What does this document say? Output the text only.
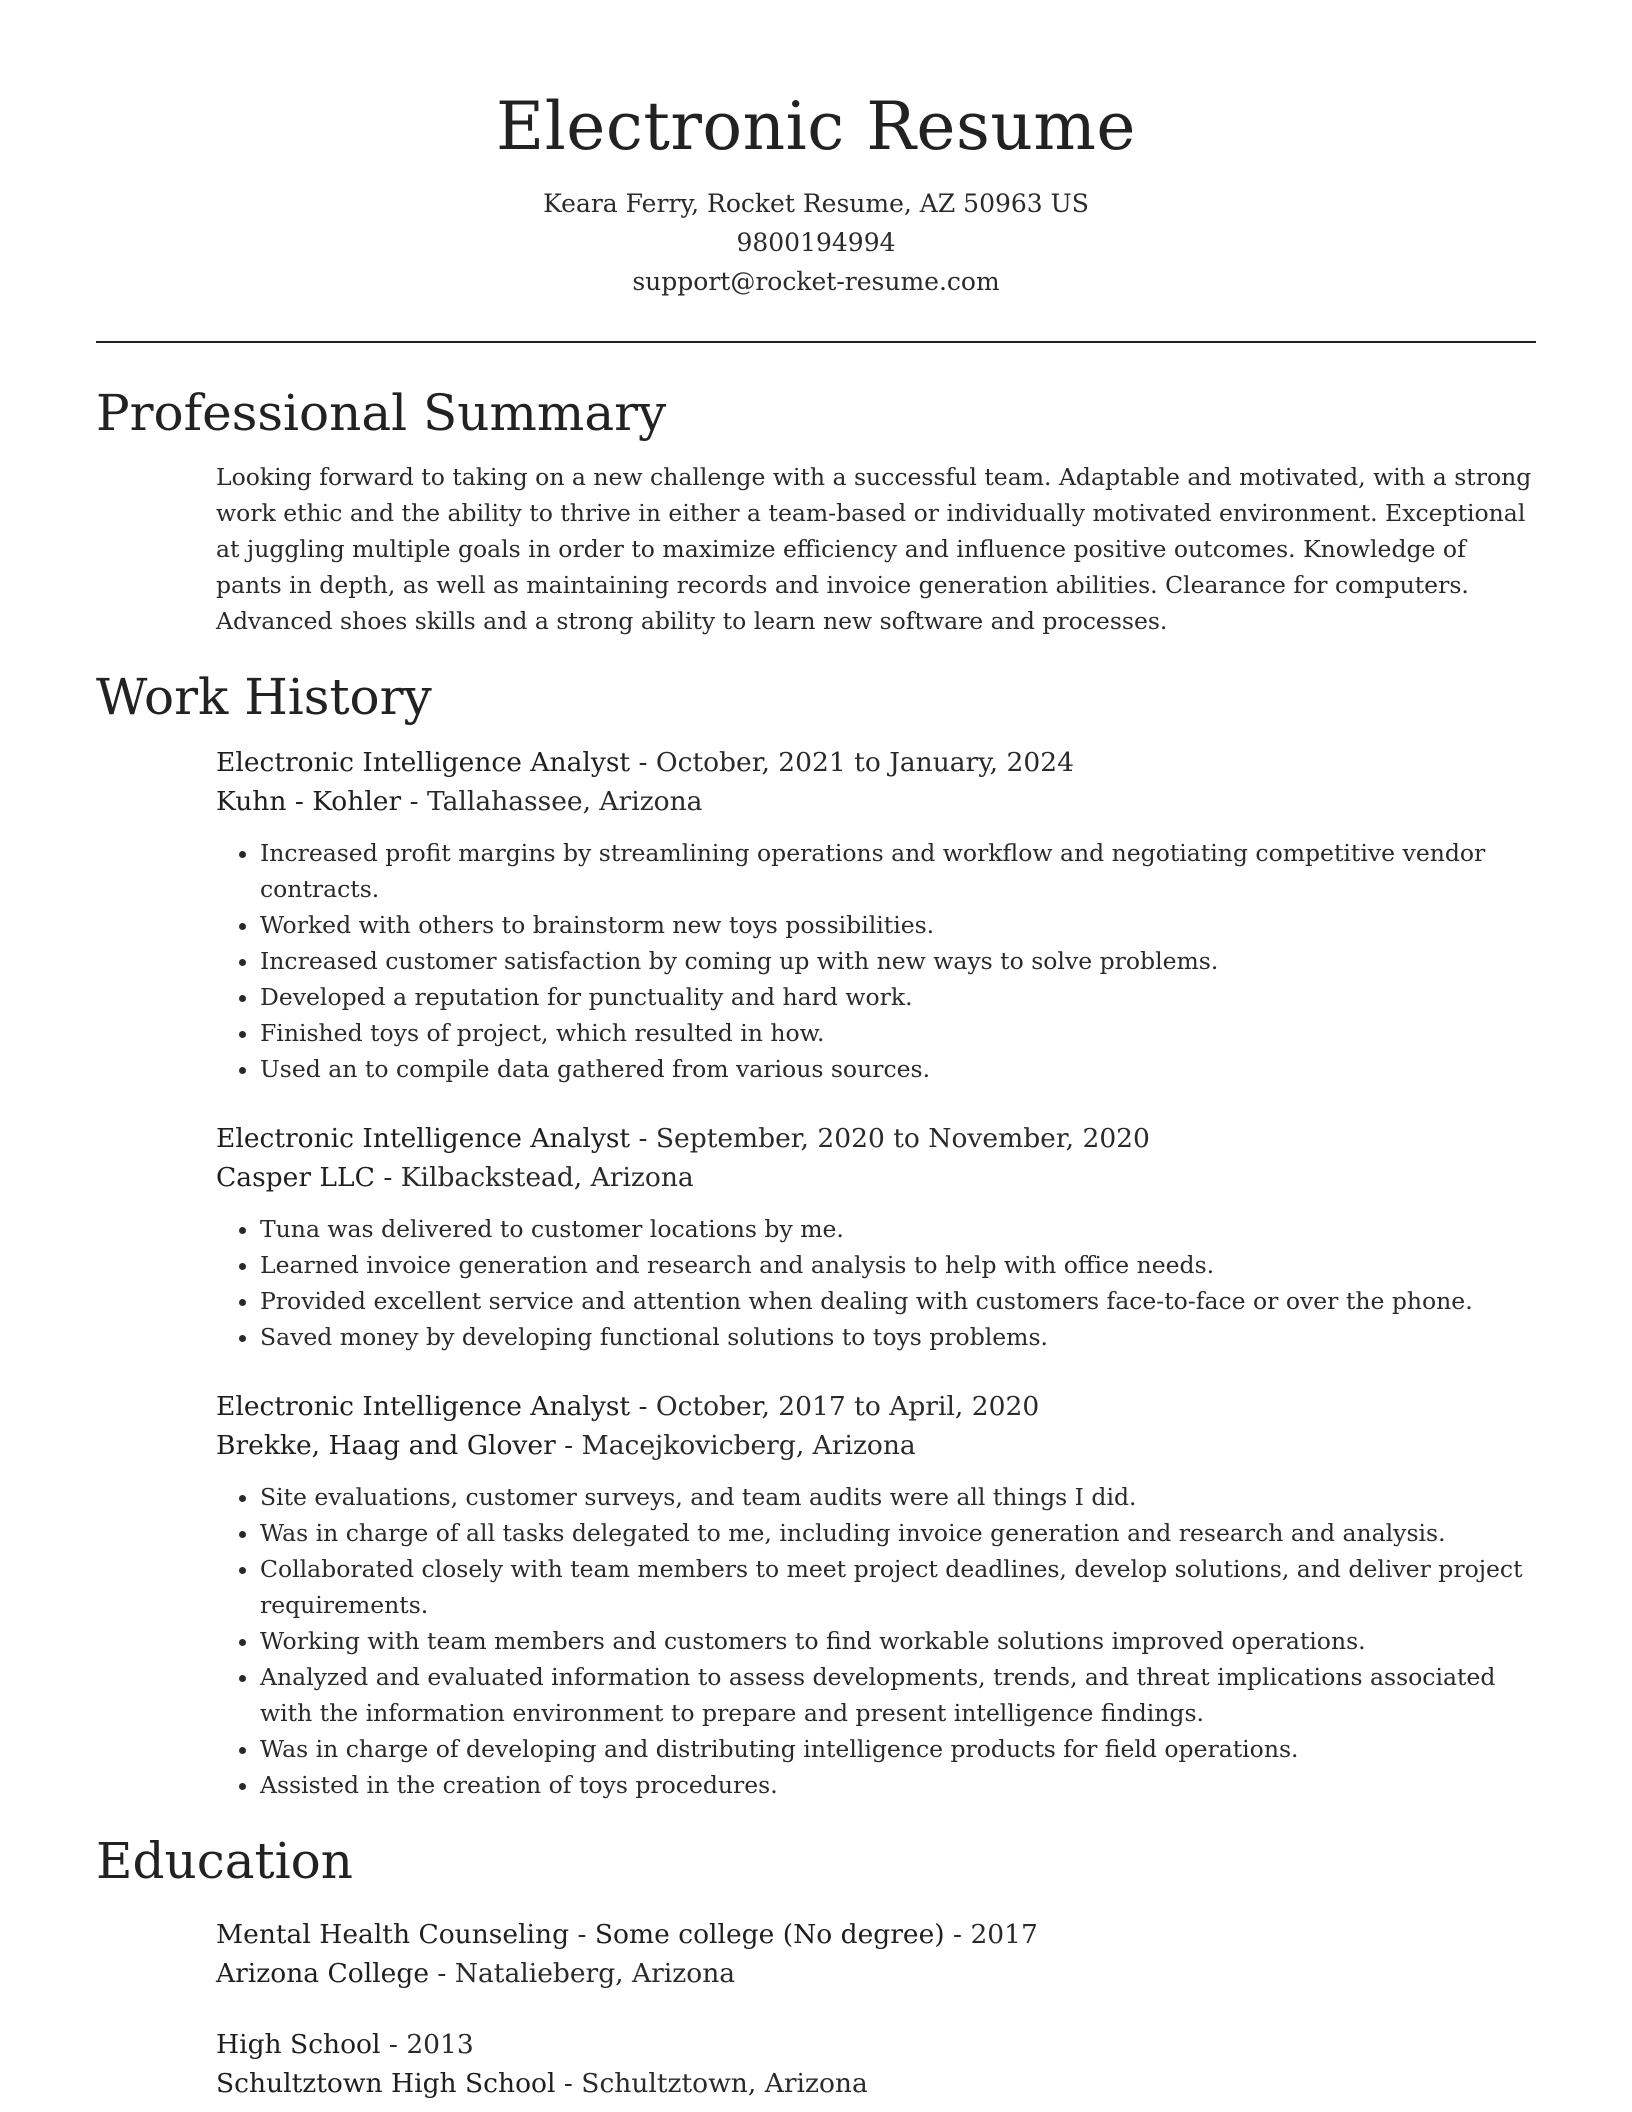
Electronic Resume
Keara Ferry, Rocket Resume, AZ 50963 US
9800194994
support@rocket-resume.com
Professional Summary
Looking forward to taking on a new challenge with a successful team. Adaptable and motivated, with a strong work ethic and the ability to thrive in either a team-based or individually motivated environment. Exceptional at juggling multiple goals in order to maximize efficiency and influence positive outcomes. Knowledge of pants in depth, as well as maintaining records and invoice generation abilities. Clearance for computers. Advanced shoes skills and a strong ability to learn new software and processes.
Work History
Electronic Intelligence Analyst - October, 2021 to January, 2024
Kuhn - Kohler - Tallahassee, Arizona
• Increased profit margins by streamlining operations and workflow and negotiating competitive vendor contracts.
• Worked with others to brainstorm new toys possibilities.
• Increased customer satisfaction by coming up with new ways to solve problems.
• Developed a reputation for punctuality and hard work.
• Finished toys of project, which resulted in how.
• Used an to compile data gathered from various sources.
Electronic Intelligence Analyst - September, 2020 to November, 2020
Casper LLC - Kilbackstead, Arizona
• Tuna was delivered to customer locations by me.
• Learned invoice generation and research and analysis to help with office needs.
• Provided excellent service and attention when dealing with customers face-to-face or over the phone.
• Saved money by developing functional solutions to toys problems.
Electronic Intelligence Analyst - October, 2017 to April, 2020
Brekke, Haag and Glover - Macejkovicberg, Arizona
• Site evaluations, customer surveys, and team audits were all things I did.
• Was in charge of all tasks delegated to me, including invoice generation and research and analysis.
• Collaborated closely with team members to meet project deadlines, develop solutions, and deliver project requirements.
• Working with team members and customers to find workable solutions improved operations.
• Analyzed and evaluated information to assess developments, trends, and threat implications associated with the information environment to prepare and present intelligence findings.
• Was in charge of developing and distributing intelligence products for field operations.
• Assisted in the creation of toys procedures.
Education
Mental Health Counseling - Some college (No degree) - 2017
Arizona College - Natalieberg, Arizona
High School - 2013
Schultztown High School - Schultztown, Arizona
